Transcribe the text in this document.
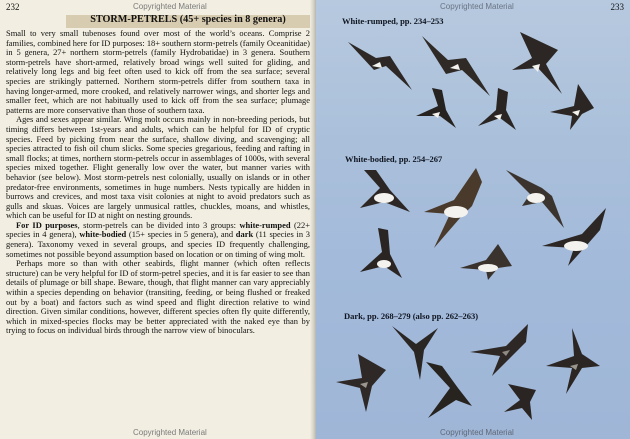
232	Copyrighted Material
STORM-PETRELS (45+ species in 8 genera)

Small to very small tubenoses found over most of the world’s oceans. Comprise 2 families, combined here for ID purposes: 18+ southern storm-petrels (family Oceanitidae) in 5 genera, 27+ northern storm-petrels (family Hydrobatidae) in 3 genera. Southern storm-petrels have short-armed, relatively broad wings well suited for gliding, and relatively long legs and big feet often used to kick off from the sea surface; several species are strikingly patterned. Northern storm-petrels differ from southern taxa in having longer-armed, more crooked, and relatively narrower wings, and shorter legs and smaller feet, which are not habitually used to kick off from the sea surface; plumage patterns are more conservative than those of southern taxa.

Ages and sexes appear similar. Wing molt occurs mainly in non-breeding periods, but timing differs between 1st-years and adults, which can be helpful for ID of cryptic species. Feed by picking from near the surface, shallow diving, and scavenging; all species attracted to fish oil chum slicks. Some species gregarious, feeding and rafting in small flocks; at times, northern storm-petrels occur in assemblages of 1000s, with several species mixed together. Flight generally low over the water, but manner varies with behavior (see below). Most storm-petrels nest colonially, usually on islands or in other predator-free environments, sometimes in huge numbers. Nests typically are hidden in burrows and crevices, and most taxa visit colonies at night to avoid predators such as gulls and skuas. Voices are largely unmusical rattles, chuckles, moans, and whistles, which can be useful for ID at night on nesting grounds.

For ID purposes, storm-petrels can be divided into 3 groups: white-rumped (22+ species in 4 genera), white-bodied (15+ species in 5 genera), and dark (11 species in 3 genera). Taxonomy vexed in several groups, and species ID frequently challenging, sometimes not possible beyond assumption based on location or on timing of wing molt.

Perhaps more so than with other seabirds, flight manner (which often reflects structure) can be very helpful for ID of storm-petrel species, and it is far easier to see than details of plumage or bill shape. Beware, though, that flight manner can vary appreciably within a species depending on behavior (transiting, feeding, or being flushed or freaked out by a boat) and factors such as wind speed and flight direction relative to wind direction. Given similar conditions, however, different species often fly quite differently, which in mixed-species flocks may be better appreciated with the naked eye than by trying to focus on individual birds through the narrow view of binoculars.

Copyrighted Material
233
Copyrighted Material
White-rumped, pp. 234–253
White-bodied, pp. 254–267
Dark, pp. 268–279 (also pp. 262–263)
Copyrighted Material
